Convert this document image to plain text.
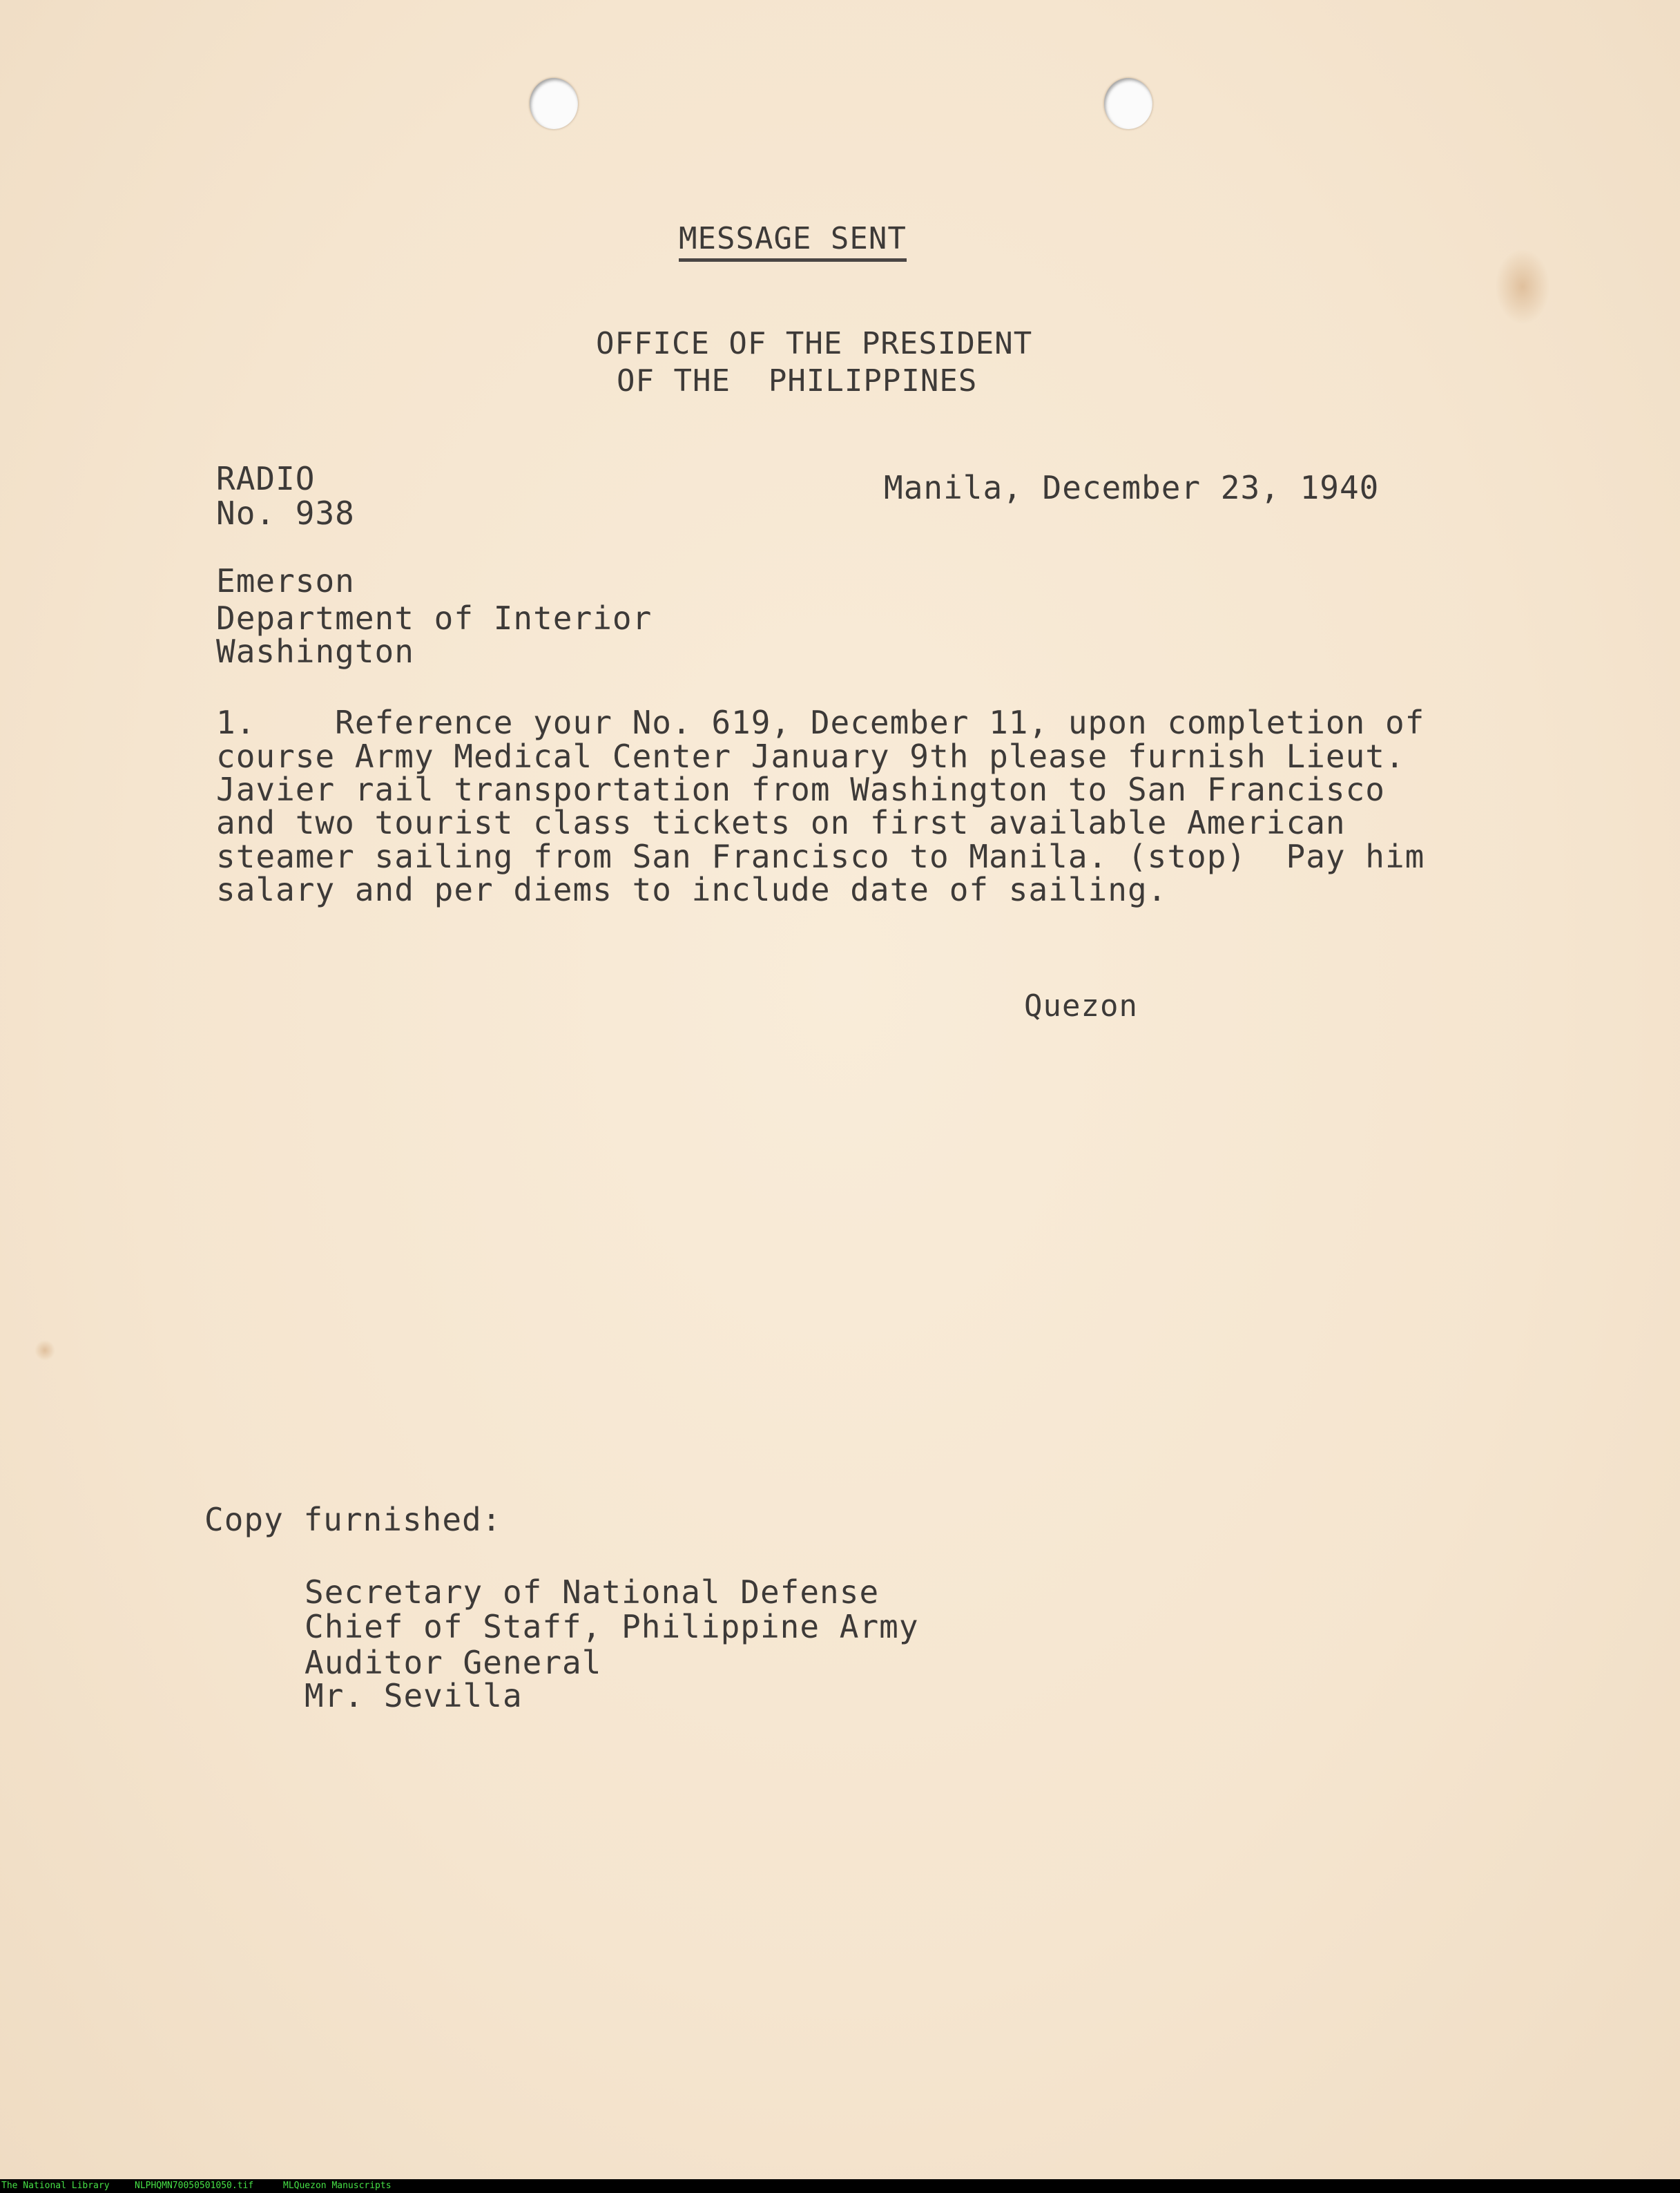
MESSAGE SENT
OFFICE OF THE PRESIDENT
OF THE  PHILIPPINES
RADIO
No. 938
Manila, December 23, 1940
Emerson
Department of Interior
Washington
1.    Reference your No. 619, December 11, upon completion of
course Army Medical Center January 9th please furnish Lieut.
Javier rail transportation from Washington to San Francisco
and two tourist class tickets on first available American
steamer sailing from San Francisco to Manila. (stop)  Pay him
salary and per diems to include date of sailing.
Quezon
Copy furnished:
Secretary of National Defense
Chief of Staff, Philippine Army
Auditor General
Mr. Sevilla

The National Library

	NLPHQMN70050501050.tif

	MLQuezon Manuscripts
